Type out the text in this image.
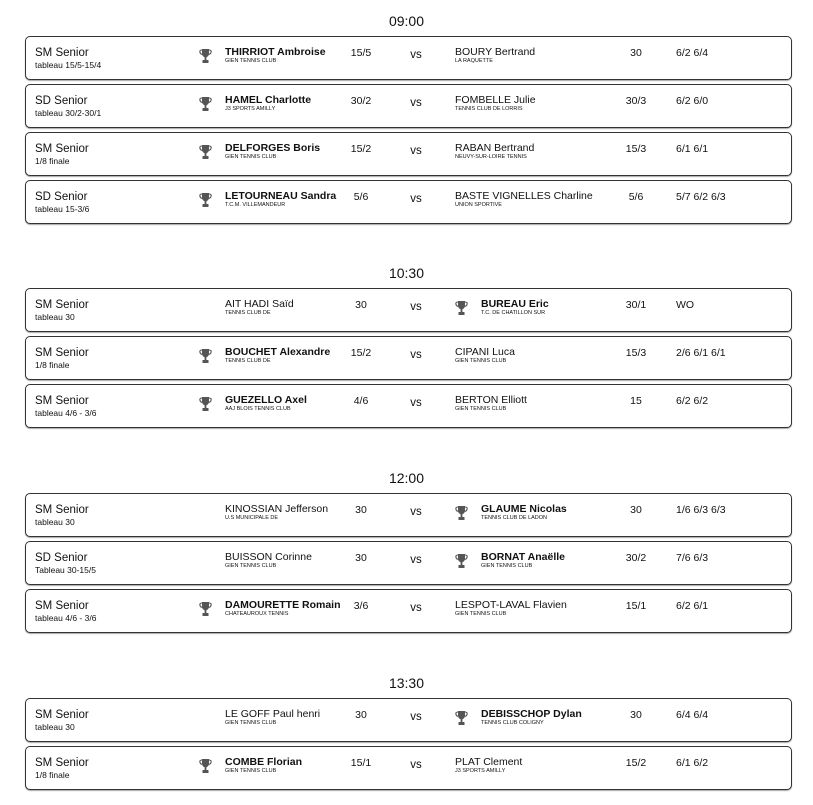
09:00
SM Senior
tableau 15/5-15/4
THIRRIOT Ambroise
GIEN TENNIS CLUB
BOURY Bertrand
LA RAQUETTE
15/5	vs	30	6/2 6/4
SD Senior
tableau 30/2-30/1
HAMEL Charlotte
J3 SPORTS AMILLY
FOMBELLE Julie
TENNIS CLUB DE LORRIS
30/2	vs	30/3	6/2 6/0
SM Senior
1/8 finale
DELFORGES Boris
GIEN TENNIS CLUB
RABAN Bertrand
NEUVY-SUR-LOIRE TENNIS
15/2	vs	15/3	6/1 6/1
SD Senior
tableau 15-3/6
LETOURNEAU Sandra
T.C.M. VILLEMANDEUR
BASTE VIGNELLES Charline
UNION SPORTIVE
5/6	vs	5/6	5/7 6/2 6/3
10:30
SM Senior
tableau 30
AIT HADI Saïd
TENNIS CLUB DE
BUREAU Eric
T.C. DE CHATILLON SUR
30	vs	30/1	WO
SM Senior
1/8 finale
BOUCHET Alexandre
TENNIS CLUB DE
CIPANI Luca
GIEN TENNIS CLUB
15/2	vs	15/3	2/6 6/1 6/1
SM Senior
tableau 4/6 - 3/6
GUEZELLO Axel
AAJ BLOIS TENNIS CLUB
BERTON Elliott
GIEN TENNIS CLUB
4/6	vs	15	6/2 6/2
12:00
SM Senior
tableau 30
KINOSSIAN Jefferson
U.S MUNICIPALE DE
GLAUME Nicolas
TENNIS CLUB DE LADON
30	vs	30	1/6 6/3 6/3
SD Senior
Tableau 30-15/5
BUISSON Corinne
GIEN TENNIS CLUB
BORNAT Anaëlle
GIEN TENNIS CLUB
30	vs	30/2	7/6 6/3
SM Senior
tableau 4/6 - 3/6
DAMOURETTE Romain
CHATEAUROUX TENNIS
LESPOT-LAVAL Flavien
GIEN TENNIS CLUB
3/6	vs	15/1	6/2 6/1
13:30
SM Senior
tableau 30
LE GOFF Paul henri
GIEN TENNIS CLUB
DEBISSCHOP Dylan
TENNIS CLUB COLIGNY
30	vs	30	6/4 6/4
SM Senior
1/8 finale
COMBE Florian
GIEN TENNIS CLUB
PLAT Clement
J3 SPORTS AMILLY
15/1	vs	15/2	6/1 6/2
